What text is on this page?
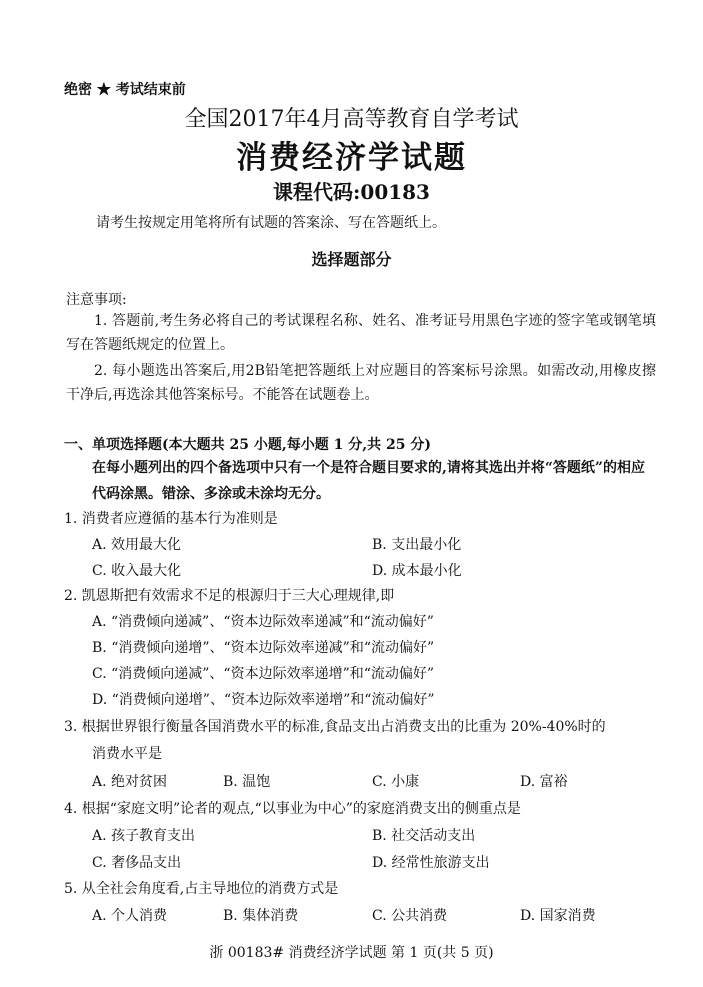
绝密 ★ 考试结束前
全国2017年4月高等教育自学考试
消费经济学试题
课程代码:00183
请考生按规定用笔将所有试题的答案涂、写在答题纸上。
选择题部分
注意事项:
1. 答题前,考生务必将自己的考试课程名称、姓名、准考证号用黑色字迹的签字笔或钢笔填写在答题纸规定的位置上。
2. 每小题选出答案后,用2B铅笔把答题纸上对应题目的答案标号涂黑。如需改动,用橡皮擦干净后,再选涂其他答案标号。不能答在试题卷上。
一、单项选择题(本大题共 25 小题,每小题 1 分,共 25 分)
在每小题列出的四个备选项中只有一个是符合题目要求的,请将其选出并将“答题纸”的相应代码涂黑。错涂、多涂或未涂均无分。
1. 消费者应遵循的基本行为准则是
A. 效用最大化	B. 支出最小化
C. 收入最大化	D. 成本最小化
2. 凯恩斯把有效需求不足的根源归于三大心理规律,即
A. “消费倾向递减”、“资本边际效率递减”和“流动偏好”
B. “消费倾向递增”、“资本边际效率递减”和“流动偏好”
C. “消费倾向递减”、“资本边际效率递增”和“流动偏好”
D. “消费倾向递增”、“资本边际效率递增”和“流动偏好”
3. 根据世界银行衡量各国消费水平的标准,食品支出占消费支出的比重为 20%-40%时的
消费水平是
A. 绝对贫困	B. 温饱	C. 小康	D. 富裕
4. 根据“家庭文明”论者的观点,“以事业为中心”的家庭消费支出的侧重点是
A. 孩子教育支出	B. 社交活动支出
C. 奢侈品支出	D. 经常性旅游支出
5. 从全社会角度看,占主导地位的消费方式是
A. 个人消费	B. 集体消费	C. 公共消费	D. 国家消费
浙 00183# 消费经济学试题 第 1 页(共 5 页)
